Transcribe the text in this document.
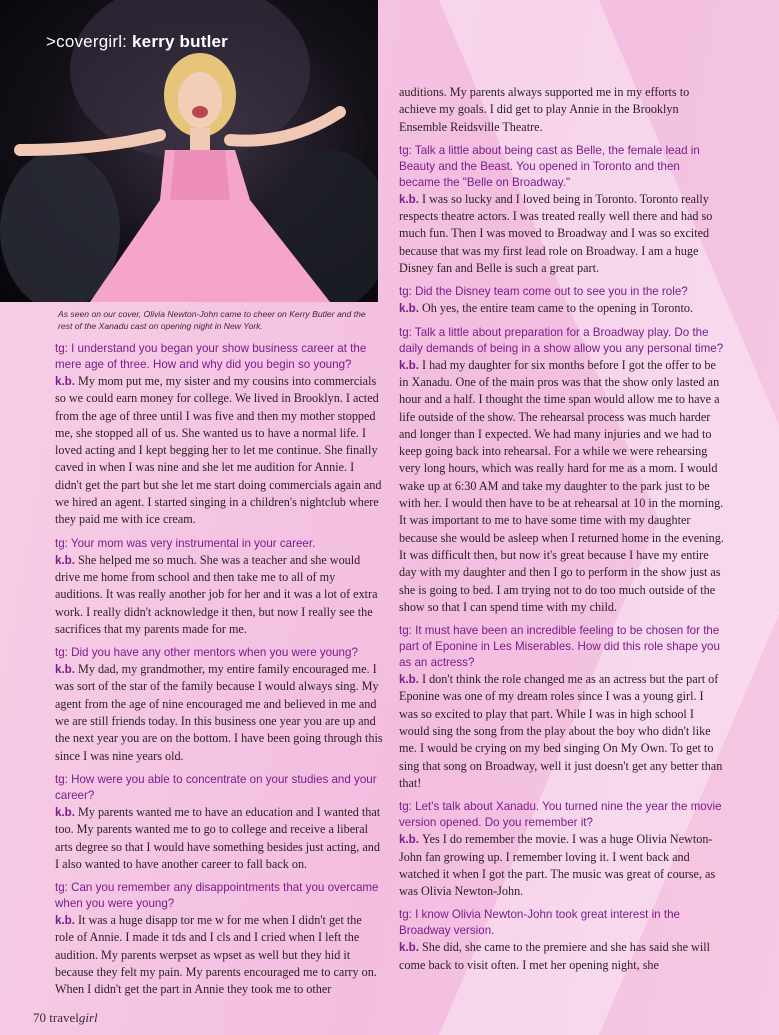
>covergirl: kerry butler
As seen on our cover, Olivia Newton-John came to cheer on Kerry Butler and the rest of the Xanadu cast on opening night in New York.

tg: I understand you began your show business career at the mere age of three. How and why did you begin so young?

k.b. My mom put me, my sister and my cousins into commercials so we could earn money for college. We lived in Brooklyn. I acted from the age of three until I was five and then my mother stopped me, she stopped all of us. She wanted us to have a normal life. I loved acting and I kept begging her to let me continue. She finally caved in when I was nine and she let me audition for Annie. I didn't get the part but she let me start doing commercials again and we hired an agent. I started singing in a children's nightclub where they paid me with ice cream.

tg: Your mom was very instrumental in your career.

k.b. She helped me so much. She was a teacher and she would drive me home from school and then take me to all of my auditions. It was really another job for her and it was a lot of extra work. I really didn't acknowledge it then, but now I really see the sacrifices that my parents made for me.

tg: Did you have any other mentors when you were young?

k.b. My dad, my grandmother, my entire family encouraged me. I was sort of the star of the family because I would always sing. My agent from the age of nine encouraged me and believed in me and we are still friends today. In this business one year you are up and the next year you are on the bottom. I have been going through this since I was nine years old.

tg: How were you able to concentrate on your studies and your career?

k.b. My parents wanted me to have an education and I wanted that too. My parents wanted me to go to college and receive a liberal arts degree so that I would have something besides just acting, and I also wanted to have another career to fall back on.

tg: Can you remember any disappointments that you overcame when you were young?

k.b. It was a huge disapp tor me w for me when I didn't get the role of Annie. I made it tds and I cls and I cried when I left the audition. My parents werpset as wpset as well but they hid it because they felt my pain. My parents encouraged me to carry on. When I didn't get the part in Annie they took me to other

auditions. My parents always supported me in my efforts to achieve my goals. I did get to play Annie in the Brooklyn Ensemble Reidsville Theatre.

tg: Talk a little about being cast as Belle, the female lead in Beauty and the Beast. You opened in Toronto and then became the "Belle on Broadway."

k.b. I was so lucky and I loved being in Toronto. Toronto really respects theatre actors. I was treated really well there and had so much fun. Then I was moved to Broadway and I was so excited because that was my first lead role on Broadway. I am a huge Disney fan and Belle is such a great part.

tg: Did the Disney team come out to see you in the role?

k.b. Oh yes, the entire team came to the opening in Toronto.

tg: Talk a little about preparation for a Broadway play. Do the daily demands of being in a show allow you any personal time?

k.b. I had my daughter for six months before I got the offer to be in Xanadu. One of the main pros was that the show only lasted an hour and a half. I thought the time span would allow me to have a life outside of the show. The rehearsal process was much harder and longer than I expected. We had many injuries and we had to keep going back into rehearsal. For a while we were rehearsing very long hours, which was really hard for me as a mom. I would wake up at 6:30 AM and take my daughter to the park just to be with her. I would then have to be at rehearsal at 10 in the morning. It was important to me to have some time with my daughter because she would be asleep when I returned home in the evening. It was difficult then, but now it's great because I have my entire day with my daughter and then I go to perform in the show just as she is going to bed. I am trying not to do too much outside of the show so that I can spend time with my child.

tg: It must have been an incredible feeling to be chosen for the part of Eponine in Les Miserables. How did this role shape you as an actress?

k.b. I don't think the role changed me as an actress but the part of Eponine was one of my dream roles since I was a young girl. I was so excited to play that part. While I was in high school I would sing the song from the play about the boy who didn't like me. I would be crying on my bed singing On My Own. To get to sing that song on Broadway, well it just doesn't get any better than that!

tg: Let's talk about Xanadu. You turned nine the year the movie version opened. Do you remember it?

k.b. Yes I do remember the movie. I was a huge Olivia Newton-John fan growing up. I remember loving it. I went back and watched it when I got the part. The music was great of course, as was Olivia Newton-John.

tg: I know Olivia Newton-John took great interest in the Broadway version.

k.b. She did, she came to the premiere and she has said she will come back to visit often. I met her opening night, she

70 travelgirl
